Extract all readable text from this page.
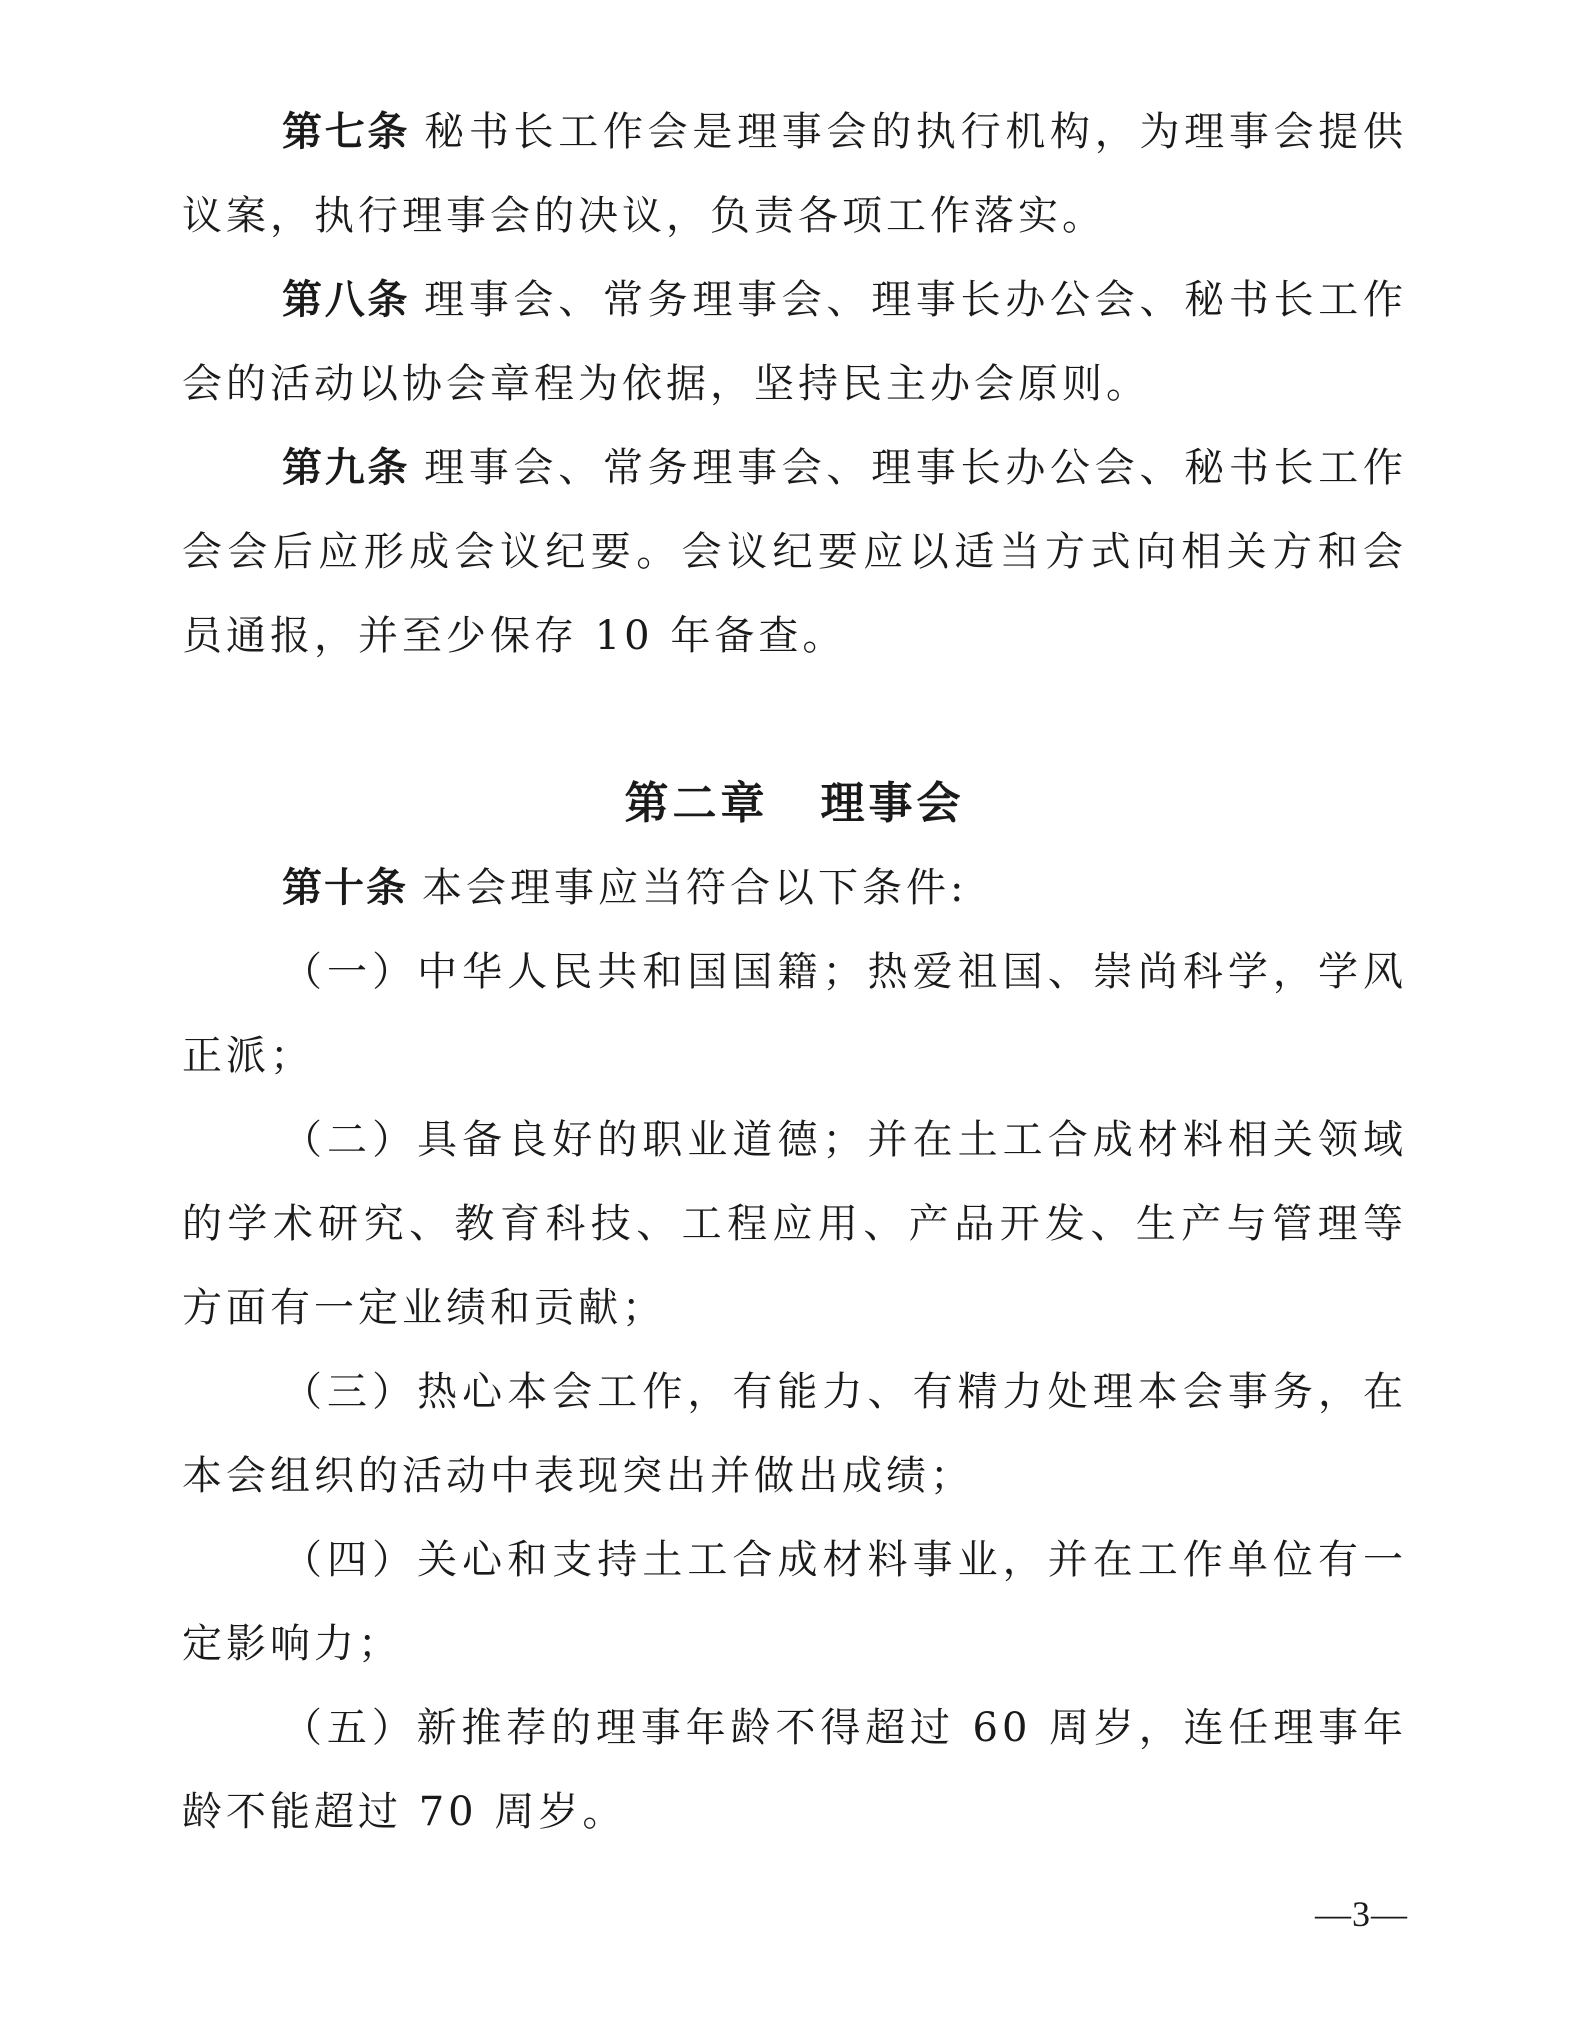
第七条 秘书长工作会是理事会的执行机构，为理事会提供议案，执行理事会的决议，负责各项工作落实。

第八条 理事会、常务理事会、理事长办公会、秘书长工作会的活动以协会章程为依据，坚持民主办会原则。

第九条 理事会、常务理事会、理事长办公会、秘书长工作会会后应形成会议纪要。会议纪要应以适当方式向相关方和会员通报，并至少保存 10 年备查。

第二章 理事会

第十条 本会理事应当符合以下条件:

（一）中华人民共和国国籍；热爱祖国、崇尚科学，学风正派；

（二）具备良好的职业道德；并在土工合成材料相关领域的学术研究、教育科技、工程应用、产品开发、生产与管理等方面有一定业绩和贡献；

（三）热心本会工作，有能力、有精力处理本会事务，在本会组织的活动中表现突出并做出成绩；

（四）关心和支持土工合成材料事业，并在工作单位有一定影响力；

（五）新推荐的理事年龄不得超过 60 周岁，连任理事年龄不能超过 70 周岁。

—3—
